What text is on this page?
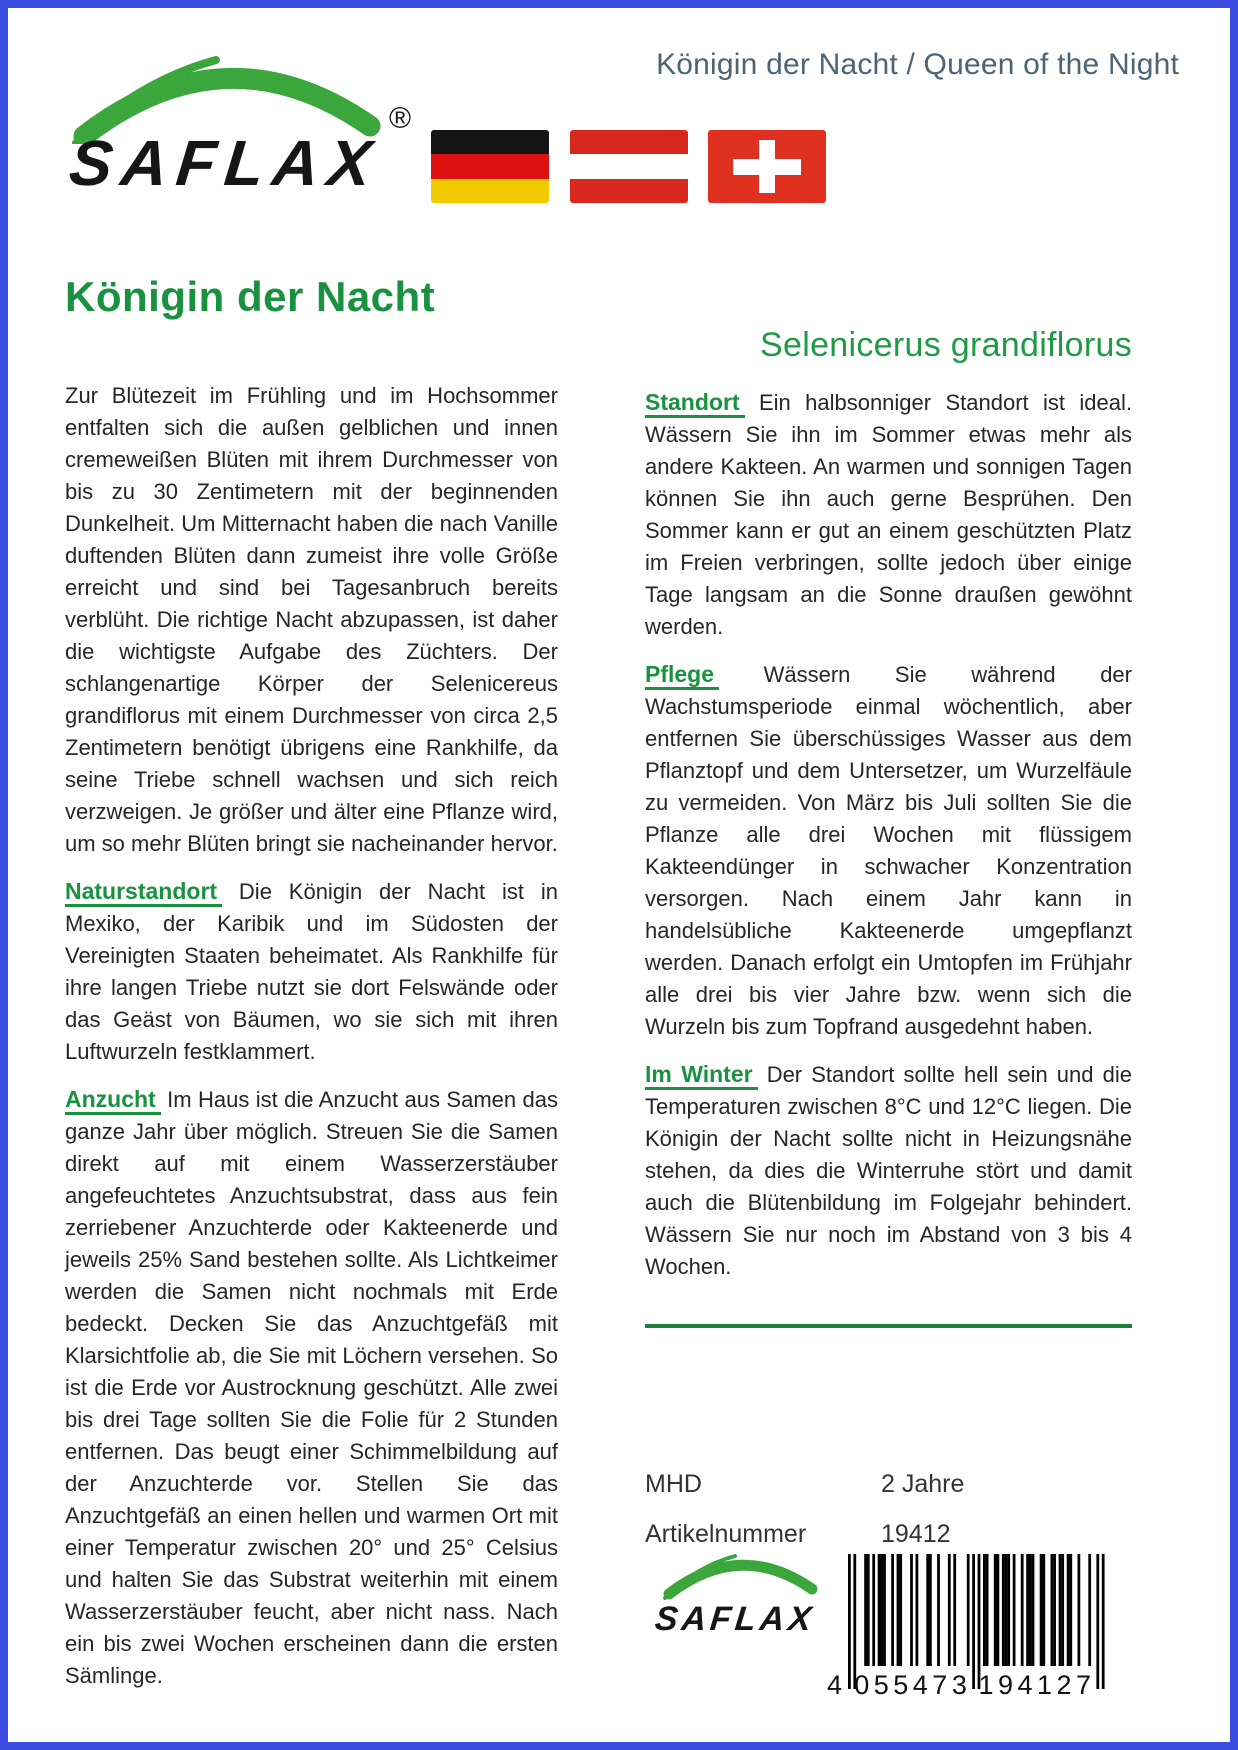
Königin der Nacht / Queen of the Night
SAFLAX
®
Königin der Nacht

Zur Blütezeit im Frühling und im Hochsommer entfalten sich die außen gelblichen und innen cremeweißen Blüten mit ihrem Durchmesser von bis zu 30 Zentimetern mit der beginnenden Dunkelheit. Um Mitternacht haben die nach Vanille duftenden Blüten dann zumeist ihre volle Größe erreicht und sind bei Tagesanbruch bereits verblüht. Die richtige Nacht abzupassen, ist daher die wichtigste Aufgabe des Züchters. Der schlangenartige Körper der Selenicereus grandiflorus mit einem Durchmesser von circa 2,5 Zentimetern benötigt übrigens eine Rankhilfe, da seine Triebe schnell wachsen und sich reich verzweigen. Je größer und älter eine Pflanze wird, um so mehr Blüten bringt sie nacheinander hervor.

Naturstandort Die Königin der Nacht ist in Mexiko, der Karibik und im Südosten der Vereinigten Staaten beheimatet. Als Rankhilfe für ihre langen Triebe nutzt sie dort Felswände oder das Geäst von Bäumen, wo sie sich mit ihren Luftwurzeln festklammert.

Anzucht Im Haus ist die Anzucht aus Samen das ganze Jahr über möglich. Streuen Sie die Samen direkt auf mit einem Wasserzerstäuber angefeuchtetes Anzuchtsubstrat, dass aus fein zerriebener Anzuchterde oder Kakteenerde und jeweils 25% Sand bestehen sollte. Als Lichtkeimer werden die Samen nicht nochmals mit Erde bedeckt. Decken Sie das Anzuchtgefäß mit Klarsichtfolie ab, die Sie mit Löchern versehen. So ist die Erde vor Austrocknung geschützt. Alle zwei bis drei Tage sollten Sie die Folie für 2 Stunden entfernen. Das beugt einer Schimmelbildung auf der Anzuchterde vor. Stellen Sie das Anzuchtgefäß an einen hellen und warmen Ort mit einer Temperatur zwischen 20° und 25° Celsius und halten Sie das Substrat weiterhin mit einem Wasserzerstäuber feucht, aber nicht nass. Nach ein bis zwei Wochen erscheinen dann die ersten Sämlinge.

Selenicerus grandiflorus

Standort Ein halbsonniger Standort ist ideal. Wässern Sie ihn im Sommer etwas mehr als andere Kakteen. An warmen und sonnigen Tagen können Sie ihn auch gerne Besprühen. Den Sommer kann er gut an einem geschützten Platz im Freien verbringen, sollte jedoch über einige Tage langsam an die Sonne draußen gewöhnt werden.

Pflege Wässern Sie während der Wachstumsperiode einmal wöchentlich, aber entfernen Sie überschüssiges Wasser aus dem Pflanztopf und dem Untersetzer, um Wurzelfäule zu vermeiden. Von März bis Juli sollten Sie die Pflanze alle drei Wochen mit flüssigem Kakteendünger in schwacher Konzentration versorgen. Nach einem Jahr kann in handelsübliche Kakteenerde umgepflanzt werden. Danach erfolgt ein Umtopfen im Frühjahr alle drei bis vier Jahre bzw. wenn sich die Wurzeln bis zum Topfrand ausgedehnt haben.

Im Winter Der Standort sollte hell sein und die Temperaturen zwischen 8°C und 12°C liegen. Die Königin der Nacht sollte nicht in Heizungsnähe stehen, da dies die Winterruhe stört und damit auch die Blütenbildung im Folgejahr behindert. Wässern Sie nur noch im Abstand von 3 bis 4 Wochen.

MHD	2 Jahre
Artikelnummer	19412
SAFLAX
4 055473 194127
